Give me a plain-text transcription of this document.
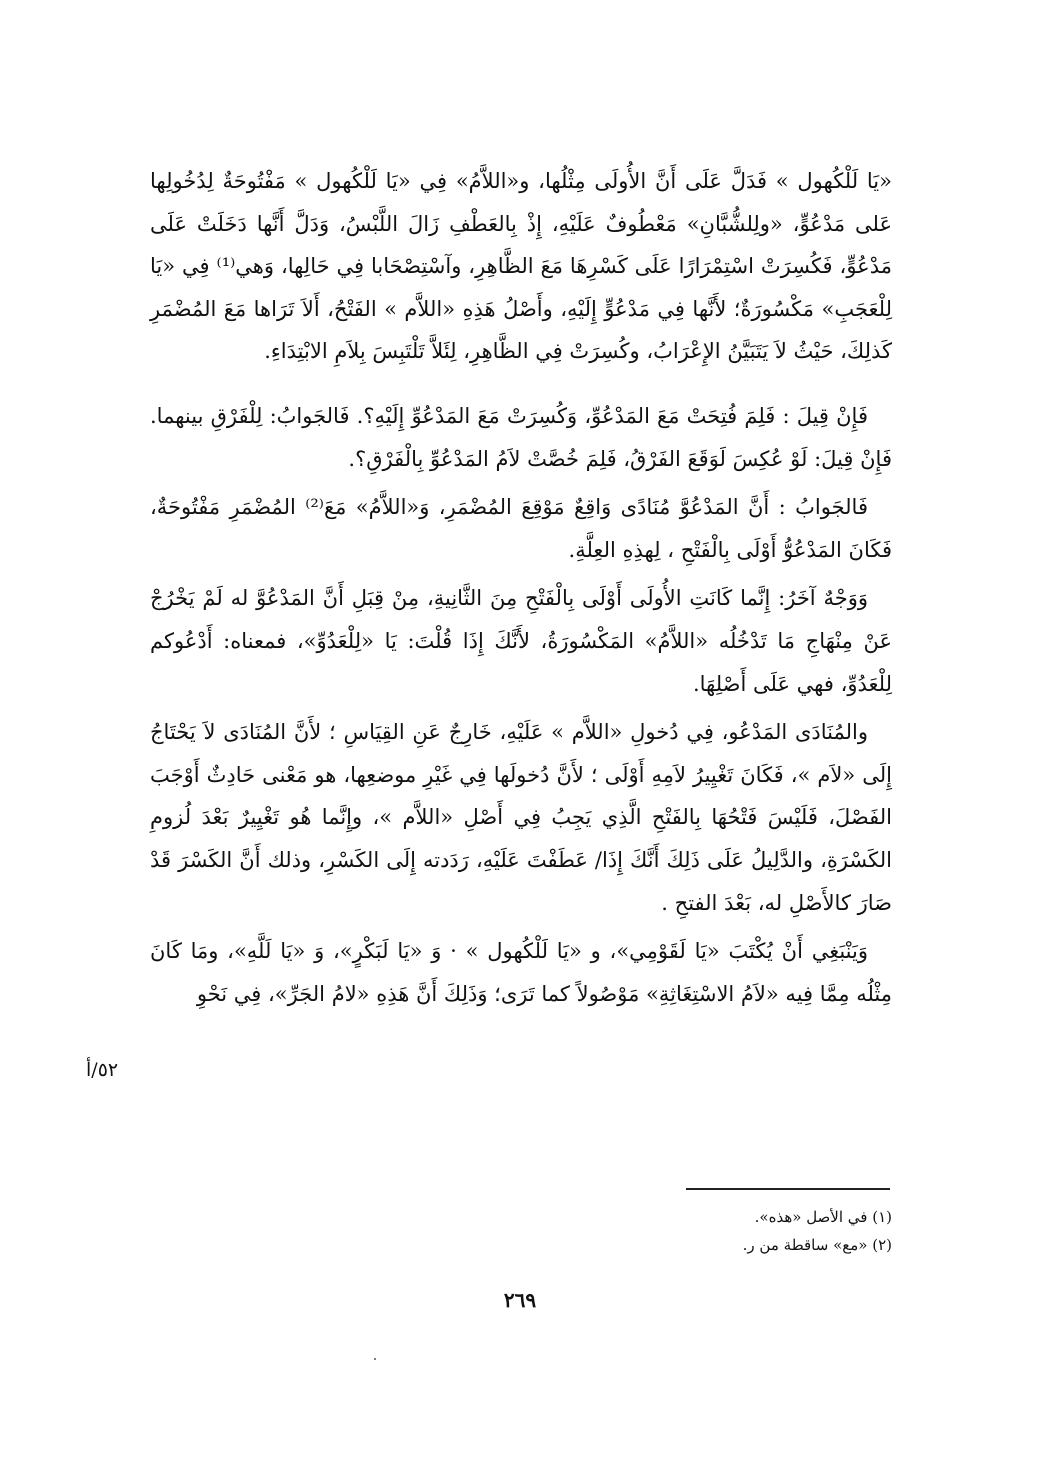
«يَا لَلْكُهول » فَدَلَّ عَلَى أَنَّ الأُولَى مِثْلُها، و«اللاَّمُ» فِي «يَا لَلْكُهول » مَفْتُوحَةٌ لِدُخُولِها عَلى مَدْعُوٍّ، «ولِلشُّبَّانِ» مَعْطُوفٌ عَلَيْهِ، إِذْ بِالعَطْفِ زَالَ اللَّبْسُ، وَدَلَّ أَنَّها دَخَلَتْ عَلَى مَدْعُوٍّ، فَكُسِرَتْ اسْتِمْرَارًا عَلَى كَسْرِهَا مَعَ الظَّاهِرِ، وآسْتِصْحَابا فِي حَالِها، وَهي⁽¹⁾ فِي «يَا لِلْعَجَبِ» مَكْسُورَةٌ؛ لأَنَّها فِي مَدْعُوٍّ إِلَيْهِ، وأَصْلُ هَذِهِ «اللاَّم » الفَتْحُ، أَلاَ تَرَاها مَعَ المُضْمَرِ كَذلِكَ، حَيْثُ لاَ يَتَبَيَّنُ الإِعْرَابُ، وكُسِرَتْ فِي الظَّاهِرِ، لِئَلاَّ تَلْتَبِسَ بِلاَمِ الابْتِدَاءِ.

فَإِنْ قِيلَ : فَلِمَ فُتِحَتْ مَعَ المَدْعُوِّ، وَكُسِرَتْ مَعَ المَدْعُوِّ إِلَيْهِ؟. فَالجَوابُ: لِلْفَرْقِ بينهما. فَإِنْ قِيلَ: لَوْ عُكِسَ لَوَقَعَ الفَرْقُ، فَلِمَ خُصَّتْ لاَمُ المَدْعُوِّ بِالْفَرْقِ؟.

فَالجَوابُ : أَنَّ المَدْعُوَّ مُنَادًى وَاقِعٌ مَوْقِعَ المُضْمَرِ، وَ«اللاَّمُ» مَعَ⁽²⁾ المُضْمَرِ مَفْتُوحَةٌ، فَكَانَ المَدْعُوُّ أَوْلَى بِالْفَتْحِ ، لِهذِهِ العِلَّةِ.

وَوَجْهٌ آخَرُ: إِنَّما كَانَتِ الأُولَى أَوْلَى بِالْفَتْحِ مِنَ الثَّانِيةِ، مِنْ قِبَلِ أَنَّ المَدْعُوَّ له لَمْ يَخْرُجْ عَنْ مِنْهَاجِ مَا تَدْخُلُه «اللاَّمُ» المَكْسُورَةُ، لأَنَّكَ إِذَا قُلْتَ: يَا «لِلْعَدُوِّ»، فمعناه: أَدْعُوكم لِلْعَدُوِّ، فهي عَلَى أَصْلِهَا.

والمُنَادَى المَدْعُو، فِي دُخولِ «اللاَّم » عَلَيْهِ، خَارِجٌ عَنِ القِيَاسِ ؛ لأَنَّ المُنَادَى لاَ يَحْتَاجُ إِلَى «لاَم »، فَكَانَ تَغْيِيرُ لاَمِهِ أَوْلَى ؛ لأَنَّ دُخولَها فِي غَيْرِ موضعِها، هو مَعْنى حَادِثٌ أَوْجَبَ الفَصْلَ، فَلَيْسَ فَتْحُهَا بِالفَتْحِ الَّذِي يَجِبُ فِي أَصْلِ «اللاَّم »، وإِنَّما هُو تَغْيِيرٌ بَعْدَ لُزومِ الكَسْرَةِ، والدَّلِيلُ عَلَى ذَلِكَ أَنَّكَ إِذَا/ عَطَفْتَ عَلَيْهِ، رَدَدته إِلَى الكَسْرِ، وذلك أَنَّ الكَسْرَ قَدْ صَارَ كالأَصْلِ له، بَعْدَ الفتحِ .

وَيَنْبَغِي أَنْ يُكْتَبَ «يَا لَقَوْمِي»، و «يَا لَلْكُهول » · وَ «يَا لَبَكْرٍ»، وَ «يَا لَلَّهِ»، ومَا كَانَ مِثْلُه مِمَّا فِيه «لاَمُ الاسْتِغَاثِةِ» مَوْصُولاً كما تَرَى؛ وَذَلِكَ أَنَّ هَذِهِ «لامُ الجَرِّ»، فِي نَحْوِ

٥٢/أ

(١) في الأصل «هذه».

(٢) «مع» ساقطة من ر.

٢٦٩
